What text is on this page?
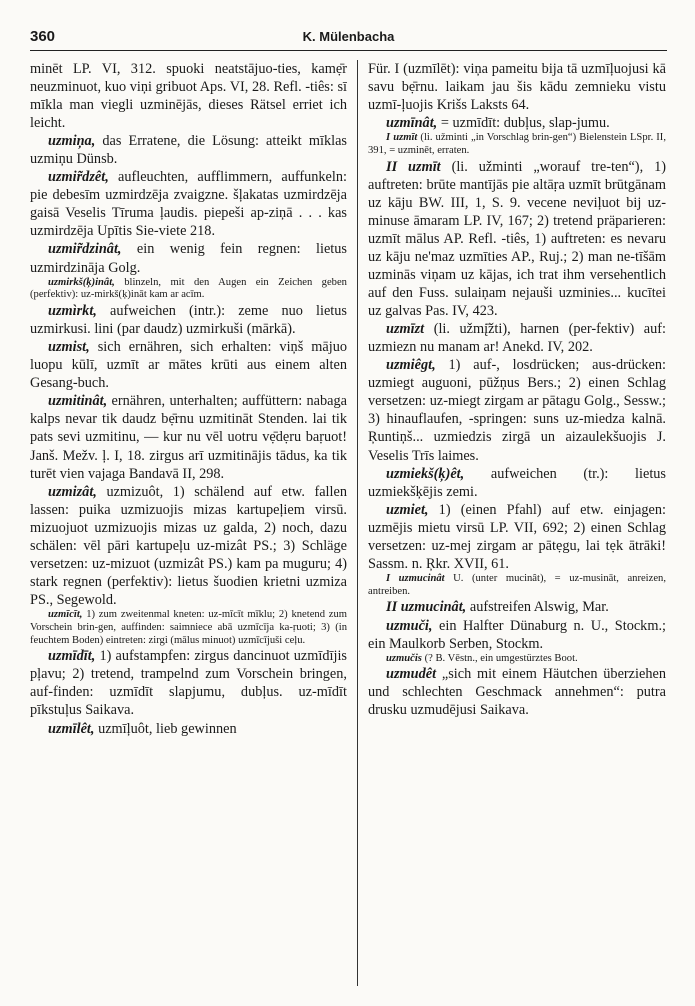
360	K. Mülenbacha

minēt LP. VI, 312. spuoki neatstājuo-ties, kamẹ̄r neuzminuot, kuo viņi gribuot Aps. VI, 28. Refl. -tiês: sī mīkla man viegli uzminējās, dieses Rätsel erriet ich leicht.

uzmiņa, das Erratene, die Lösung: atteikt mīklas uzmiņu Dünsb.

uzmir̃dzêt, aufleuchten, aufflimmern, auffunkeln: pie debesīm uzmirdzēja zvaigzne. šļakatas uzmirdzēja gaisā Veselis Tīruma ļaudis. piepeši ap-ziņā . . . kas uzmirdzēja Upītis Sie-viete 218.

uzmir̃dzinât, ein wenig fein regnen: lietus uzmirdzināja Golg.

uzmirkš(ķ)inât, blinzeln, mit den Augen ein Zeichen geben (perfektiv): uz-mirkš(ķ)ināt kam ar acīm.

uzmìrkt, aufweichen (intr.): zeme nuo lietus uzmirkusi. lini (par daudz) uzmirkuši (mārkā).

uzmist, sich ernähren, sich erhalten: viņš mājuo luopu kūlī, uzmīt ar mātes krūti aus einem alten Gesang-buch.

uzmitinât, ernähren, unterhalten; auffüttern: nabaga kalps nevar tik daudz bẹ̄rnu uzmitināt Stenden. lai tik pats sevi uzmitinu, — kur nu vēl uotru vẹ̄dẹru baṛuot! Janš. Mežv. ļ. I, 18. zirgus arī uzmitinājis tādus, ka tik turēt vien vajaga Bandavā II, 298.

uzmizât, uzmizuôt, 1) schälend auf etw. fallen lassen: puika uzmizuojis mizas kartupeļiem virsū. mizuojuot uzmizuojis mizas uz galda, 2) noch, dazu schälen: vēl pāri kartupeļu uz-mizât PS.; 3) Schläge versetzen: uz-mizuot (uzmizât PS.) kam pa muguru; 4) stark regnen (perfektiv): lietus šuodien krietni uzmiza PS., Segewold.

uzmīcīt, 1) zum zweitenmal kneten: uz-mīcīt mīklu; 2) knetend zum Vorschein brin-gen, auffinden: saimniece abā uzmīcīja ka-ṛuoti; 3) (in feuchtem Boden) eintreten: zirgi (mālus minuot) uzmīcījuši ceļu.

uzmīdīt, 1) aufstampfen: zirgus dancinuot uzmīdījis pļavu; 2) tretend, trampelnd zum Vorschein bringen, auf-finden: uzmīdīt slapjumu, dubļus. uz-mīdīt pīkstuļus Saikava.

uzmīlêt, uzmīļuôt, lieb gewinnen

Für. I (uzmīlēt): viņa pameitu bija tā uzmīļuojusi kā savu bẹ̄rnu. laikam jau šis kādu zemnieku vistu uzmī-ļuojis Krišs Laksts 64.

uzmīnât, = uzmīdīt: dubļus, slap-jumu.

I uzmīt (li. užminti „in Vorschlag brin-gen“) Bielenstein LSpr. II, 391, = uzminēt, erraten.

II uzmīt (li. užminti „worauf tre-ten“), 1) auftreten: brūte mantījās pie altāṛa uzmīt brūtgānam uz kāju BW. III, 1, S. 9. vecene neviļuot bij uz-minuse āmaram LP. IV, 167; 2) tretend präparieren: uzmīt mālus AP. Refl. -tiês, 1) auftreten: es nevaru uz kāju ne'maz uzmīties AP., Ruj.; 2) man ne-tīšām uzminās viņam uz kājas, ich trat ihm versehentlich auf den Fuss. sulaiņam nejauši uzminies... kucītei uz galvas Pas. IV, 423.

uzmīzt (li. užmį̄žti), harnen (per-fektiv) auf: uzmiezn nu manam ar! Anekd. IV, 202.

uzmiêgt, 1) auf-, losdrücken; aus-drücken: uzmiegt auguoni, pūžņus Bers.; 2) einen Schlag versetzen: uz-miegt zirgam ar pātagu Golg., Sessw.; 3) hinauflaufen, -springen: suns uz-miedza kalnā. Ŗuntiņš... uzmiedzis zirgā un aizaulekšuojis J. Veselis Trīs laimes.

uzmiekš(ķ)êt, aufweichen (tr.): lietus uzmiekšķējis zemi.

uzmiet, 1) (einen Pfahl) auf etw. einjagen: uzmējis mietu virsū LP. VII, 692; 2) einen Schlag versetzen: uz-mej zirgam ar pātẹgu, lai tẹk ātrāki! Sassm. n. Ŗkr. XVII, 61.

I uzmucinât U. (unter mucinât), = uz-musināt, anreizen, antreiben.

II uzmucinât, aufstreifen Alswig, Mar.

uzmuči, ein Halfter Dünaburg n. U., Stockm.; ein Maulkorb Serben, Stockm.

uzmučis (? B. Vēstn., ein umgestürztes Boot.

uzmudêt „sich mit einem Häutchen überziehen und schlechten Geschmack annehmen“: putra drusku uzmudējusi Saikava.
